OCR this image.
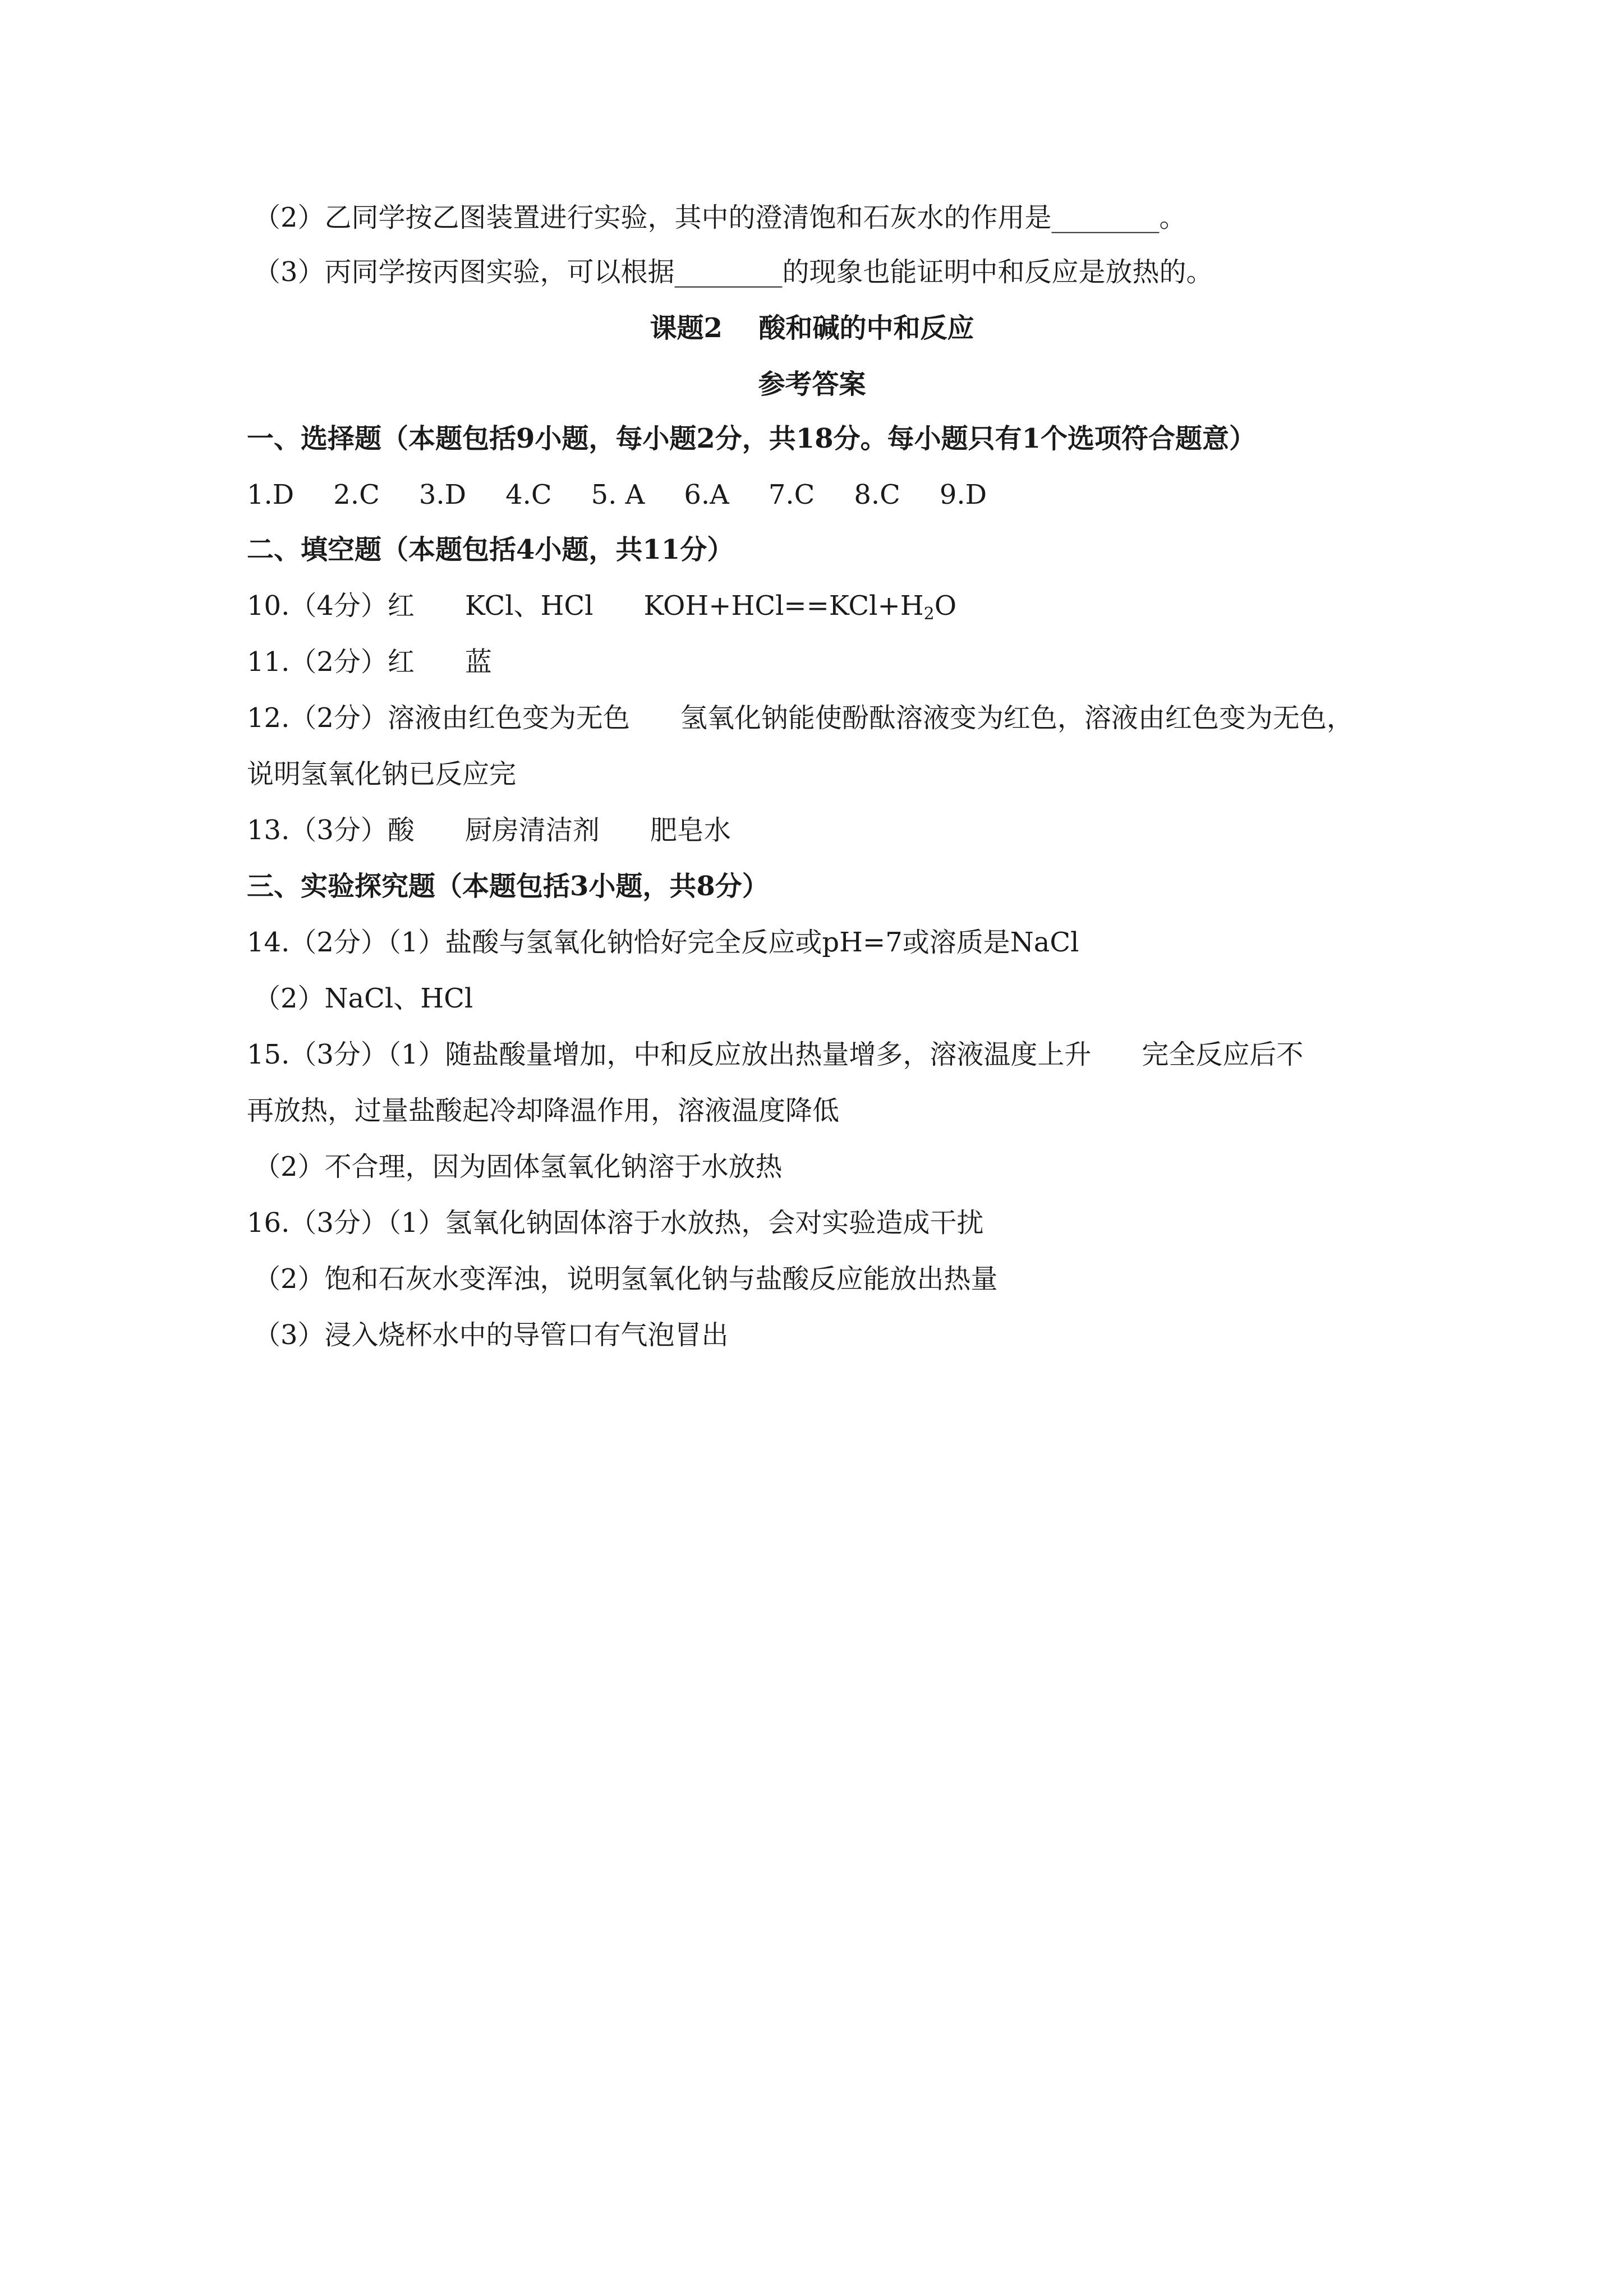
（2）乙同学按乙图装置进行实验，其中的澄清饱和石灰水的作用是________。
（3）丙同学按丙图实验，可以根据________的现象也能证明中和反应是放热的。
课题2　 酸和碱的中和反应
参考答案
一、选择题（本题包括9小题，每小题2分，共18分。每小题只有1个选项符合题意）
1.D 2.C 3.D 4.C 5. A 6.A 7.C 8.C 9.D
二、填空题（本题包括4小题，共11分）
10.（4分）红 KCl、HCl $KOH+HCl==KCl+H_2O$
11.（2分）红 蓝
12.（2分）溶液由红色变为无色 氢氧化钠能使酚酞溶液变为红色，溶液由红色变为无色，
说明氢氧化钠已反应完
13.（3分）酸 厨房清洁剂 肥皂水
三、实验探究题（本题包括3小题，共8分）
14.（2分）（1）盐酸与氢氧化钠恰好完全反应或pH=7或溶质是NaCl
（2）NaCl、HCl
15.（3分）（1）随盐酸量增加，中和反应放出热量增多，溶液温度上升 完全反应后不
再放热，过量盐酸起冷却降温作用，溶液温度降低
（2）不合理，因为固体氢氧化钠溶于水放热
16.（3分）（1）氢氧化钠固体溶于水放热，会对实验造成干扰
（2）饱和石灰水变浑浊，说明氢氧化钠与盐酸反应能放出热量
（3）浸入烧杯水中的导管口有气泡冒出
